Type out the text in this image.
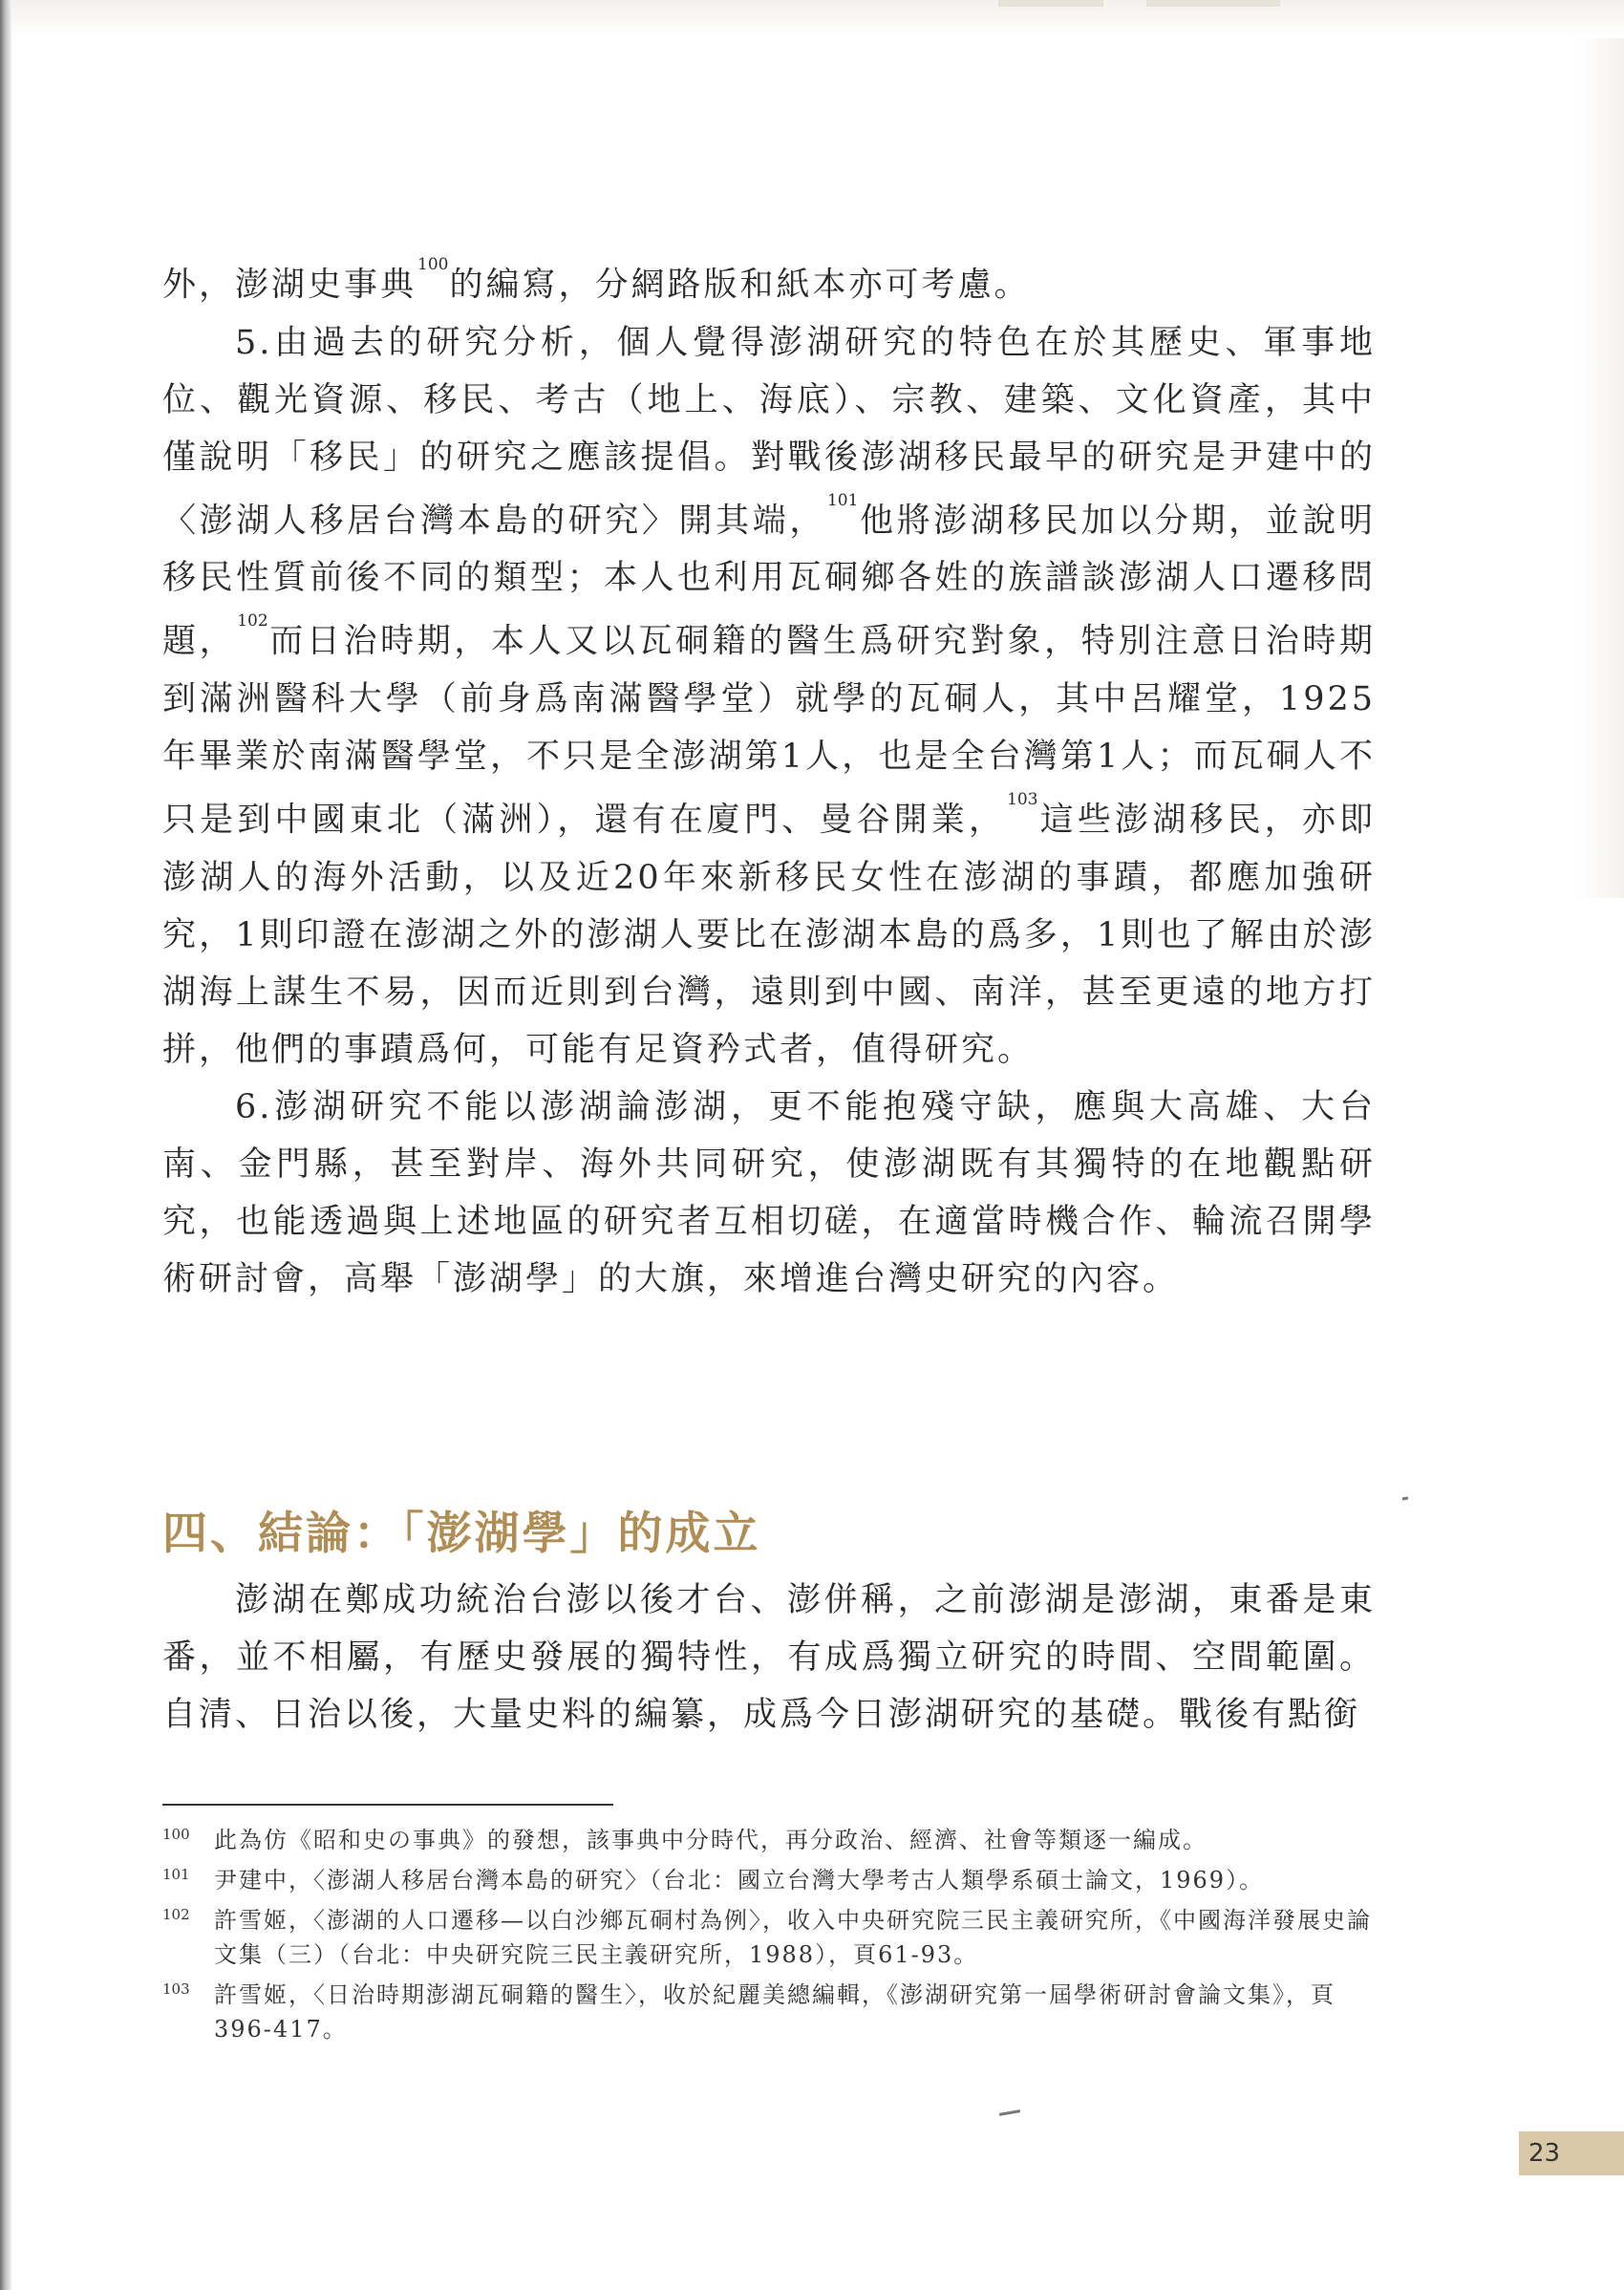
外，澎湖史事典$^{100}$的編寫，分網路版和紙本亦可考慮。

5.由過去的研究分析，個人覺得澎湖研究的特色在於其歷史、軍事地位、觀光資源、移民、考古（地上、海底）、宗教、建築、文化資產，其中僅說明「移民」的研究之應該提倡。對戰後澎湖移民最早的研究是尹建中的〈澎湖人移居台灣本島的研究〉開其端，$^{101}$他將澎湖移民加以分期，並說明移民性質前後不同的類型；本人也利用瓦硐鄉各姓的族譜談澎湖人口遷移問題，$^{102}$而日治時期，本人又以瓦硐籍的醫生爲研究對象，特別注意日治時期到滿洲醫科大學（前身爲南滿醫學堂）就學的瓦硐人，其中呂耀堂，1925年畢業於南滿醫學堂，不只是全澎湖第1人，也是全台灣第1人；而瓦硐人不只是到中國東北（滿洲），還有在廈門、曼谷開業，$^{103}$這些澎湖移民，亦即澎湖人的海外活動，以及近20年來新移民女性在澎湖的事蹟，都應加強研究，1則印證在澎湖之外的澎湖人要比在澎湖本島的爲多，1則也了解由於澎湖海上謀生不易，因而近則到台灣，遠則到中國、南洋，甚至更遠的地方打拼，他們的事蹟爲何，可能有足資矜式者，值得研究。

6.澎湖研究不能以澎湖論澎湖，更不能抱殘守缺，應與大高雄、大台南、金門縣，甚至對岸、海外共同研究，使澎湖既有其獨特的在地觀點研究，也能透過與上述地區的研究者互相切磋，在適當時機合作、輪流召開學術研討會，高舉「澎湖學」的大旗，來增進台灣史研究的內容。

四、結論：「澎湖學」的成立

澎湖在鄭成功統治台澎以後才台、澎併稱，之前澎湖是澎湖，東番是東番，並不相屬，有歷史發展的獨特性，有成爲獨立研究的時間、空間範圍。自清、日治以後，大量史料的編纂，成爲今日澎湖研究的基礎。戰後有點銜

100 此為仿《昭和史の事典》的發想，該事典中分時代，再分政治、經濟、社會等類逐一編成。
101 尹建中，〈澎湖人移居台灣本島的研究〉（台北：國立台灣大學考古人類學系碩士論文，1969）。
102 許雪姬，〈澎湖的人口遷移—以白沙鄉瓦硐村為例〉，收入中央研究院三民主義研究所，《中國海洋發展史論文集（三）（台北：中央研究院三民主義研究所，1988），頁61-93。
103 許雪姬，〈日治時期澎湖瓦硐籍的醫生〉，收於紀麗美總編輯，《澎湖研究第一屆學術研討會論文集》，頁396-417。
23
